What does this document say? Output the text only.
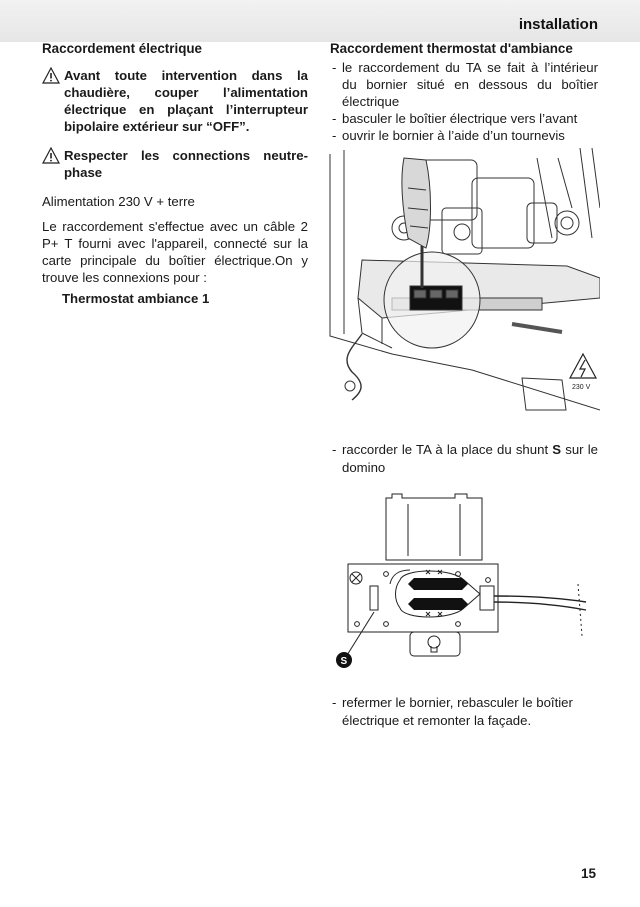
installation
Raccordement électrique
Avant toute intervention dans la chaudière, couper l’alimentation électrique en plaçant l’interrupteur bipolaire extérieur sur “OFF”.
Respecter les connections neutre-phase

Alimentation 230 V + terre

Le raccordement s'effectue avec un câble 2 P+ T fourni avec l'appareil, connecté sur la carte principale du boîtier électrique.On y trouve les connexions pour :

Thermostat ambiance 1

Raccordement thermostat d'ambiance

- le raccordement du TA se fait à l’intérieur du bornier situé en dessous du boîtier électrique

- basculer le boîtier électrique vers l’avant

- ouvrir le bornier à l’aide d’un tournevis

230 V
- raccorder le TA à la place du shunt S sur le domino
S
- refermer le bornier, rebasculer le boîtier électrique et remonter la façade.
15
